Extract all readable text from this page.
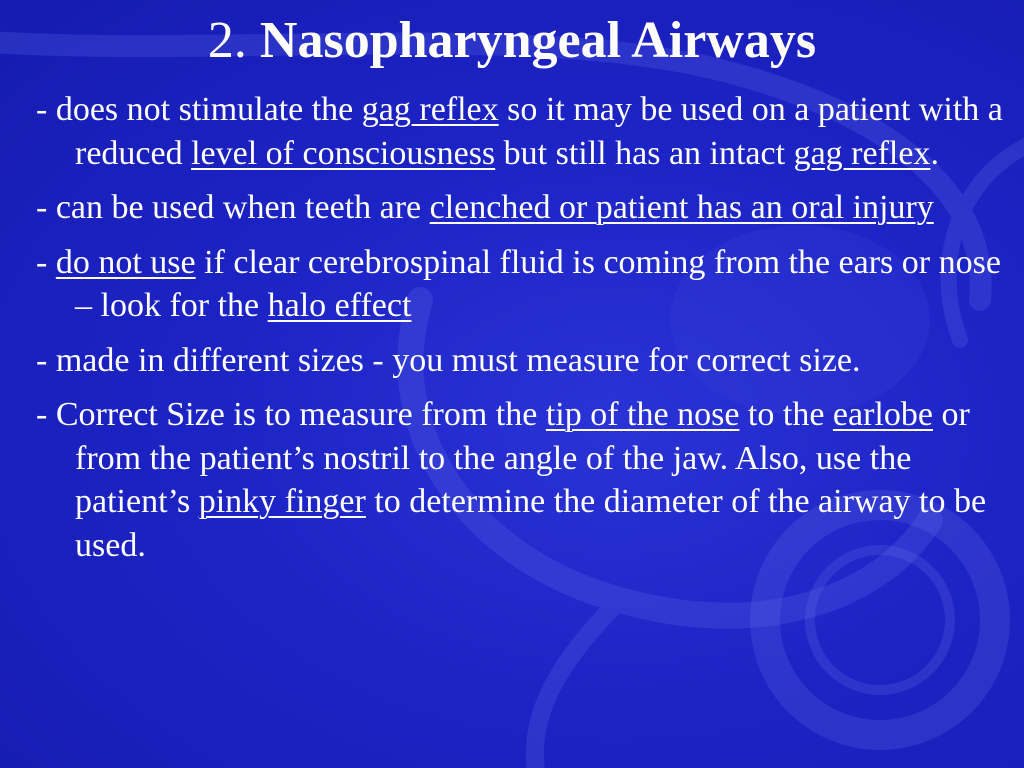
2. Nasopharyngeal Airways
- does not stimulate the gag reflex so it may be used on a patient with a reduced level of consciousness but still has an intact gag reflex.
- can be used when teeth are clenched or patient has an oral injury
- do not use if clear cerebrospinal fluid is coming from the ears or nose – look for the halo effect
- made in different sizes - you must measure for correct size.
- Correct Size is to measure from the tip of the nose to the earlobe or from the patient’s nostril to the angle of the jaw. Also, use the patient’s pinky finger to determine the diameter of the airway to be used.
